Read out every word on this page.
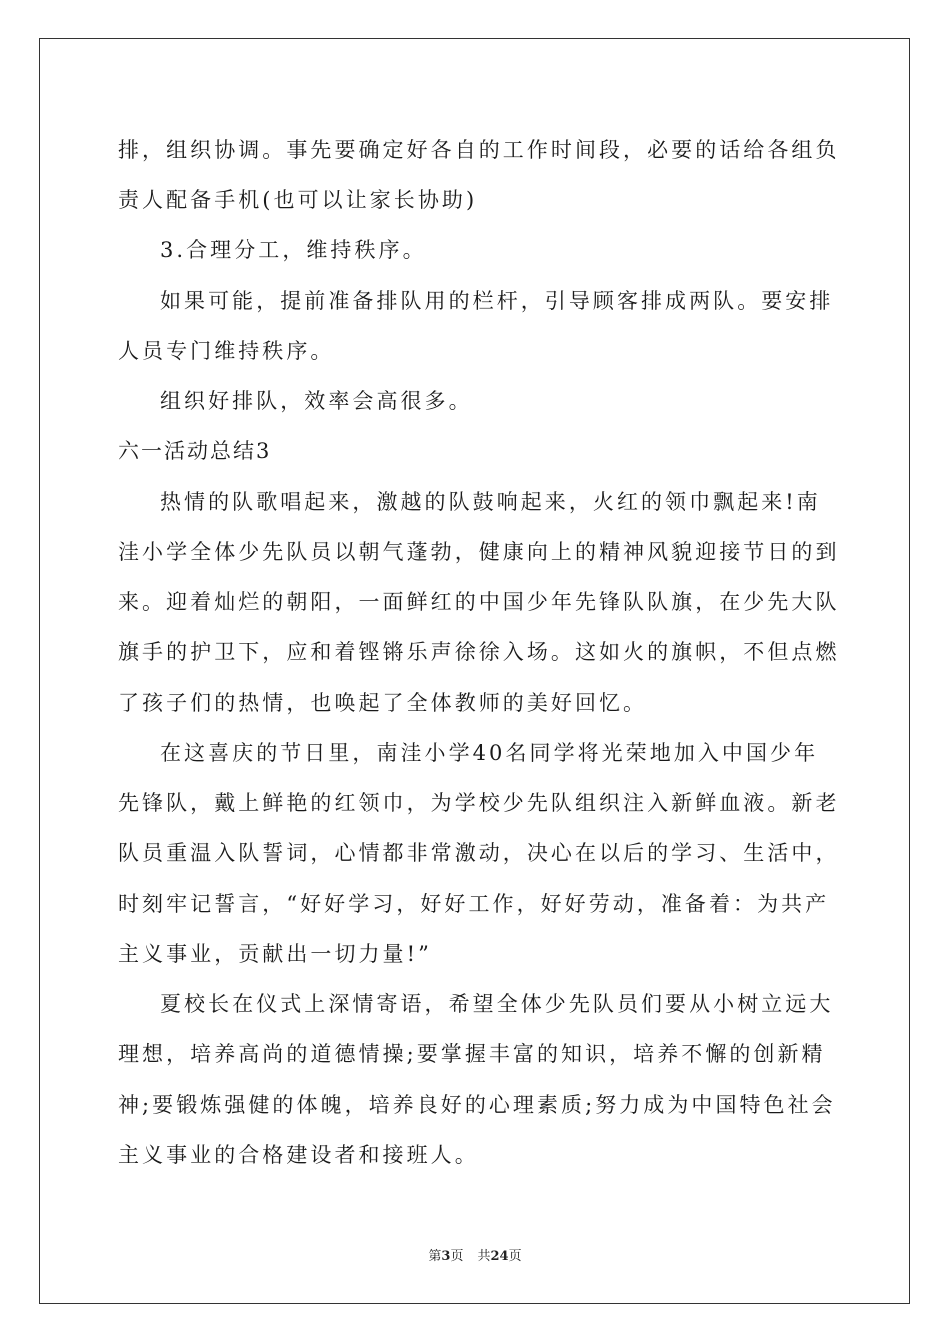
排，组织协调。事先要确定好各自的工作时间段，必要的话给各组负
责人配备手机(也可以让家长协助)
3.合理分工，维持秩序。
如果可能，提前准备排队用的栏杆，引导顾客排成两队。要安排
人员专门维持秩序。
组织好排队，效率会高很多。
六一活动总结3
热情的队歌唱起来，激越的队鼓响起来，火红的领巾飘起来!南
洼小学全体少先队员以朝气蓬勃，健康向上的精神风貌迎接节日的到
来。迎着灿烂的朝阳，一面鲜红的中国少年先锋队队旗，在少先大队
旗手的护卫下，应和着铿锵乐声徐徐入场。这如火的旗帜，不但点燃
了孩子们的热情，也唤起了全体教师的美好回忆。
在这喜庆的节日里，南洼小学40名同学将光荣地加入中国少年
先锋队，戴上鲜艳的红领巾，为学校少先队组织注入新鲜血液。新老
队员重温入队誓词，心情都非常激动，决心在以后的学习、生活中，
时刻牢记誓言，“好好学习，好好工作，好好劳动，准备着：为共产
主义事业，贡献出一切力量!”
夏校长在仪式上深情寄语，希望全体少先队员们要从小树立远大
理想，培养高尚的道德情操;要掌握丰富的知识，培养不懈的创新精
神;要锻炼强健的体魄，培养良好的心理素质;努力成为中国特色社会
主义事业的合格建设者和接班人。
第3页 共24页
